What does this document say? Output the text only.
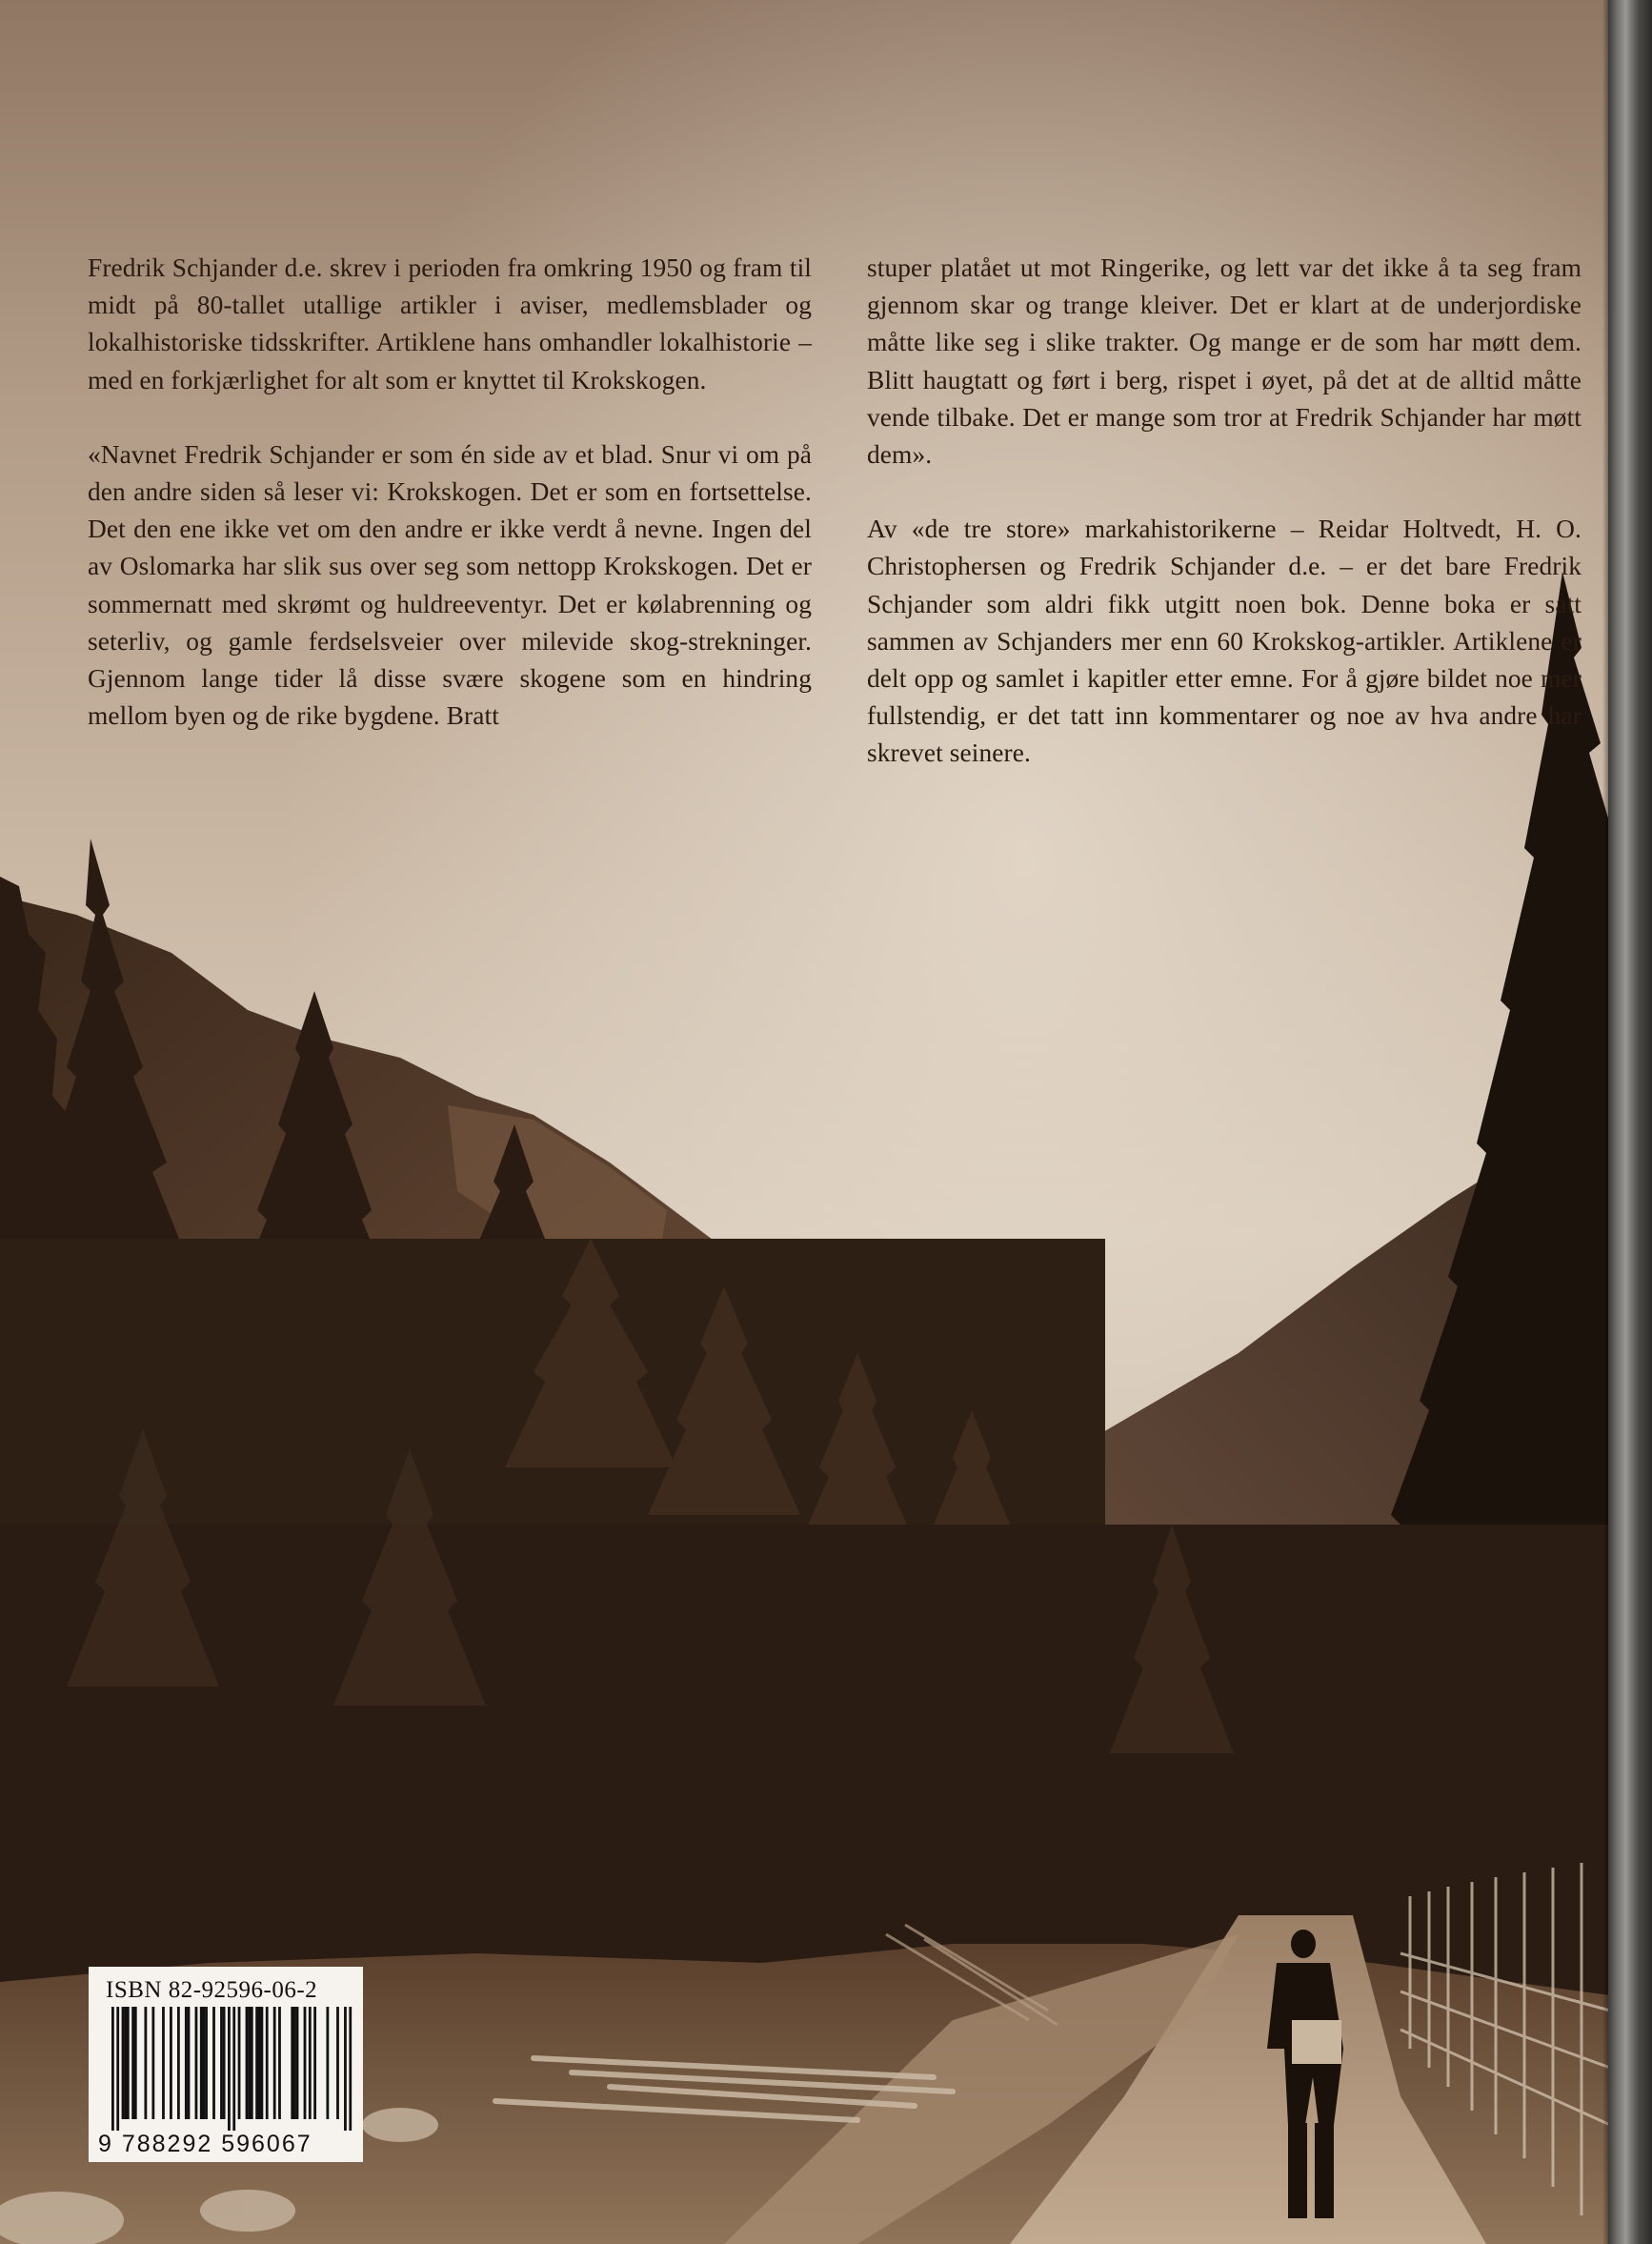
Fredrik Schjander d.e. skrev i perioden fra omkring 1950 og fram til midt på 80-tallet utallige artikler i aviser, medlemsblader og lokalhistoriske tidsskrifter. Artiklene hans omhandler lokalhistorie – med en forkjærlighet for alt som er knyttet til Krokskogen.

«Navnet Fredrik Schjander er som én side av et blad. Snur vi om på den andre siden så leser vi: Krokskogen. Det er som en fortsettelse. Det den ene ikke vet om den andre er ikke verdt å nevne. Ingen del av Oslomarka har slik sus over seg som nettopp Krokskogen. Det er sommernatt med skrømt og huldreeventyr. Det er kølabrenning og seterliv, og gamle ferdselsveier over milevide skog-strekninger. Gjennom lange tider lå disse svære skogene som en hindring mellom byen og de rike bygdene. Bratt

stuper platået ut mot Ringerike, og lett var det ikke å ta seg fram gjennom skar og trange kleiver. Det er klart at de underjordiske måtte like seg i slike trakter. Og mange er de som har møtt dem. Blitt haugtatt og ført i berg, rispet i øyet, på det at de alltid måtte vende tilbake. Det er mange som tror at Fredrik Schjander har møtt dem».

Av «de tre store» markahistorikerne – Reidar Holtvedt, H. O. Christophersen og Fredrik Schjander d.e. – er det bare Fredrik Schjander som aldri fikk utgitt noen bok. Denne boka er satt sammen av Schjanders mer enn 60 Krokskog-artikler. Artiklene er delt opp og samlet i kapitler etter emne. For å gjøre bildet noe mer fullstendig, er det tatt inn kommentarer og noe av hva andre har skrevet seinere.

ISBN 82-92596-06-2
9 788292 596067
